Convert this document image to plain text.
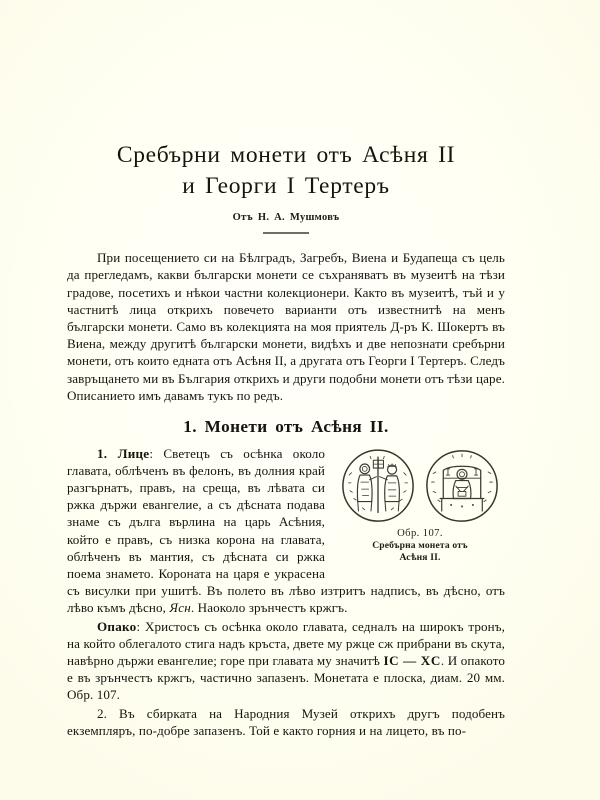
Сребърни монети отъ Асѣня II
и Георги I Тертеръ
Отъ Н. А. Мушмовъ

При посещението си на Бѣлградъ, Загребъ, Виена и Будапеща съ цель да прегледамъ, какви български монети се съхраняватъ въ музеитѣ на тѣзи градове, посетихъ и нѣкои частни колекционери. Както въ музеитѣ, тъй и у частнитѣ лица открихъ повечето варианти отъ известнитѣ на менъ български монети. Само въ колекцията на моя приятель Д-ръ К. Шокертъ въ Виена, между другитѣ български монети, видѣхъ и две непознати сребърни монети, отъ които едната отъ Асѣня II, а другата отъ Георги I Тертеръ. Следъ завръщането ми въ България открихъ и други подобни монети отъ тѣзи царе. Описанието имъ давамъ тукъ по редъ.

1. Монети отъ Асѣня II.
Обр. 107.
Сребърна монета отъ
Асѣня II.

1. Лице: Светецъ съ осѣнка около главата, облѣченъ въ фелонъ, въ долния край разгърнатъ, правъ, на среща, въ лѣвата си ржка държи евангелие, а съ дѣсната подава знаме съ дълга върлина на царь Асѣния, който е правъ, съ низка корона на главата, облѣченъ въ мантия, съ дѣсната си ржка поема знамето. Короната на царя е украсена съ висулки при ушитѣ. Въ полето въ лѣво изтритъ надписъ, въ дѣсно, отъ лѣво къмъ дѣсно, Ясн. Наоколо зрънчестъ кржгъ.

Опако: Христосъ съ осѣнка около главата, седналъ на широкъ тронъ, на който облегалото стига надъ кръста, двете му ржце сж прибрани въ скута, навѣрно държи евангелие; горе при главата му значитѣ IC — XC. И опакото е въ зрънчестъ кржгъ, частично запазенъ. Монетата е плоска, диам. 20 мм. Обр. 107.

2. Въ сбирката на Народния Музей открихъ другъ подобенъ екземпляръ, по-добре запазенъ. Той е както горния и на лицето, въ по-
